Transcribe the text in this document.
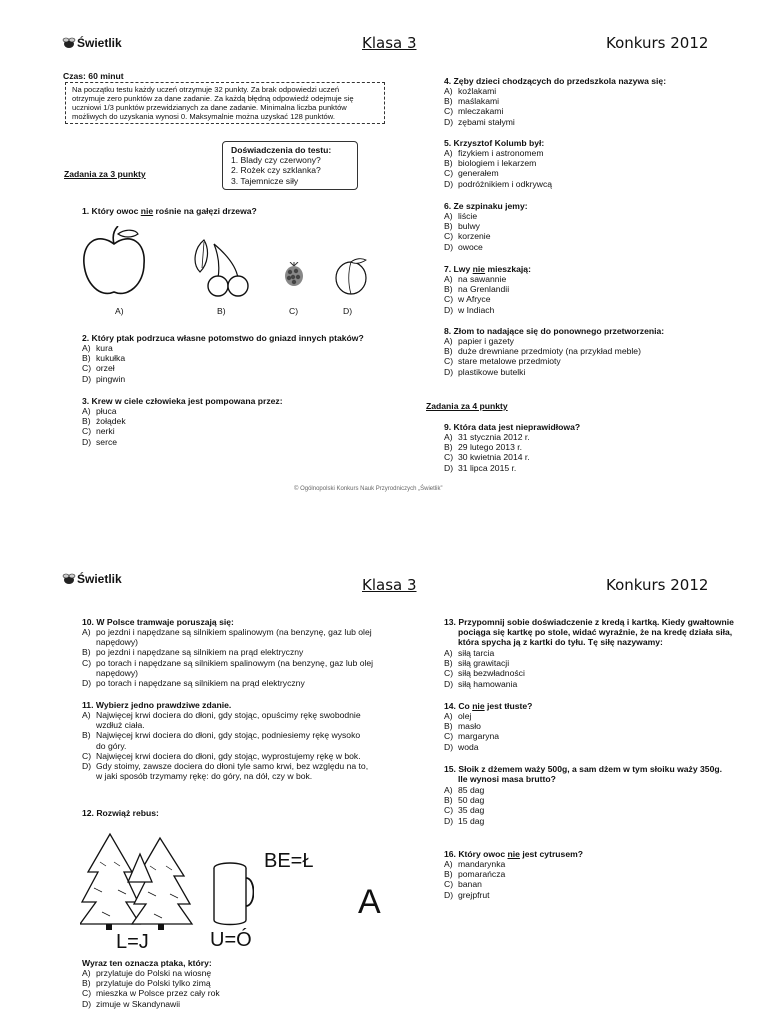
Świetlik	Klasa 3	Konkurs 2012
Czas: 60 minut
Na początku testu każdy uczeń otrzymuje 32 punkty. Za brak odpowiedzi uczeń
otrzymuje zero punktów za dane zadanie. Za każdą błędną odpowiedź odejmuje się
uczniowi 1/3 punktów przewidzianych za dane zadanie. Minimalna liczba punktów
możliwych do uzyskania wynosi 0. Maksymalnie można uzyskać 128 punktów.
Doświadczenia do testu:
1. Blady czy czerwony?
2. Rożek czy szklanka?
3. Tajemnicze siły
Zadania za 3 punkty
1. Który owoc nie rośnie na gałęzi drzewa?
A)	B)	C)	D)
2. Który ptak podrzuca własne potomstwo do gniazd innych ptaków?
A) kura
B) kukułka
C) orzeł
D) pingwin
3. Krew w ciele człowieka jest pompowana przez:
A) płuca
B) żołądek
C) nerki
D) serce
4. Zęby dzieci chodzących do przedszkola nazywa się:
A) koźlakami
B) maślakami
C) mleczakami
D) zębami stałymi
5. Krzysztof Kolumb był:
A) fizykiem i astronomem
B) biologiem i lekarzem
C) generałem
D) podróżnikiem i odkrywcą
6. Ze szpinaku jemy:
A) liście
B) bulwy
C) korzenie
D) owoce
7. Lwy nie mieszkają:
A) na sawannie
B) na Grenlandii
C) w Afryce
D) w Indiach
8. Złom to nadające się do ponownego przetworzenia:
A) papier i gazety
B) duże drewniane przedmioty (na przykład meble)
C) stare metalowe przedmioty
D) plastikowe butelki
Zadania za 4 punkty
9. Która data jest nieprawidłowa?
A) 31 stycznia 2012 r.
B) 29 lutego 2013 r.
C) 30 kwietnia 2014 r.
D) 31 lipca 2015 r.
© Ogólnopolski Konkurs Nauk Przyrodniczych „Świetlik”
Świetlik	Klasa 3	Konkurs 2012
10. W Polsce tramwaje poruszają się:
A) po jezdni i napędzane są silnikiem spalinowym (na benzynę, gaz lub olej
napędowy)
B) po jezdni i napędzane są silnikiem na prąd elektryczny
C) po torach i napędzane są silnikiem spalinowym (na benzynę, gaz lub olej
napędowy)
D) po torach i napędzane są silnikiem na prąd elektryczny
11. Wybierz jedno prawdziwe zdanie.
A) Najwięcej krwi dociera do dłoni, gdy stojąc, opuścimy rękę swobodnie
wzdłuż ciała.
B) Najwięcej krwi dociera do dłoni, gdy stojąc, podniesiemy rękę wysoko
do góry.
C) Najwięcej krwi dociera do dłoni, gdy stojąc, wyprostujemy rękę w bok.
D) Gdy stoimy, zawsze dociera do dłoni tyle samo krwi, bez względu na to,
w jaki sposób trzymamy rękę: do góry, na dół, czy w bok.
12. Rozwiąż rebus:
BE=Ł
A
L=J	U=Ó
Wyraz ten oznacza ptaka, który:
A) przylatuje do Polski na wiosnę
B) przylatuje do Polski tylko zimą
C) mieszka w Polsce przez cały rok
D) zimuje w Skandynawii
13. Przypomnij sobie doświadczenie z kredą i kartką. Kiedy gwałtownie
pociąga się kartkę po stole, widać wyraźnie, że na kredę działa siła,
która spycha ją z kartki do tyłu. Tę siłę nazywamy:
A) siłą tarcia
B) siłą grawitacji
C) siłą bezwładności
D) siłą hamowania
14. Co nie jest tłuste?
A) olej
B) masło
C) margaryna
D) woda
15. Słoik z dżemem waży 500g, a sam dżem w tym słoiku waży 350g.
Ile wynosi masa brutto?
A) 85 dag
B) 50 dag
C) 35 dag
D) 15 dag
16. Który owoc nie jest cytrusem?
A) mandarynka
B) pomarańcza
C) banan
D) grejpfrut
